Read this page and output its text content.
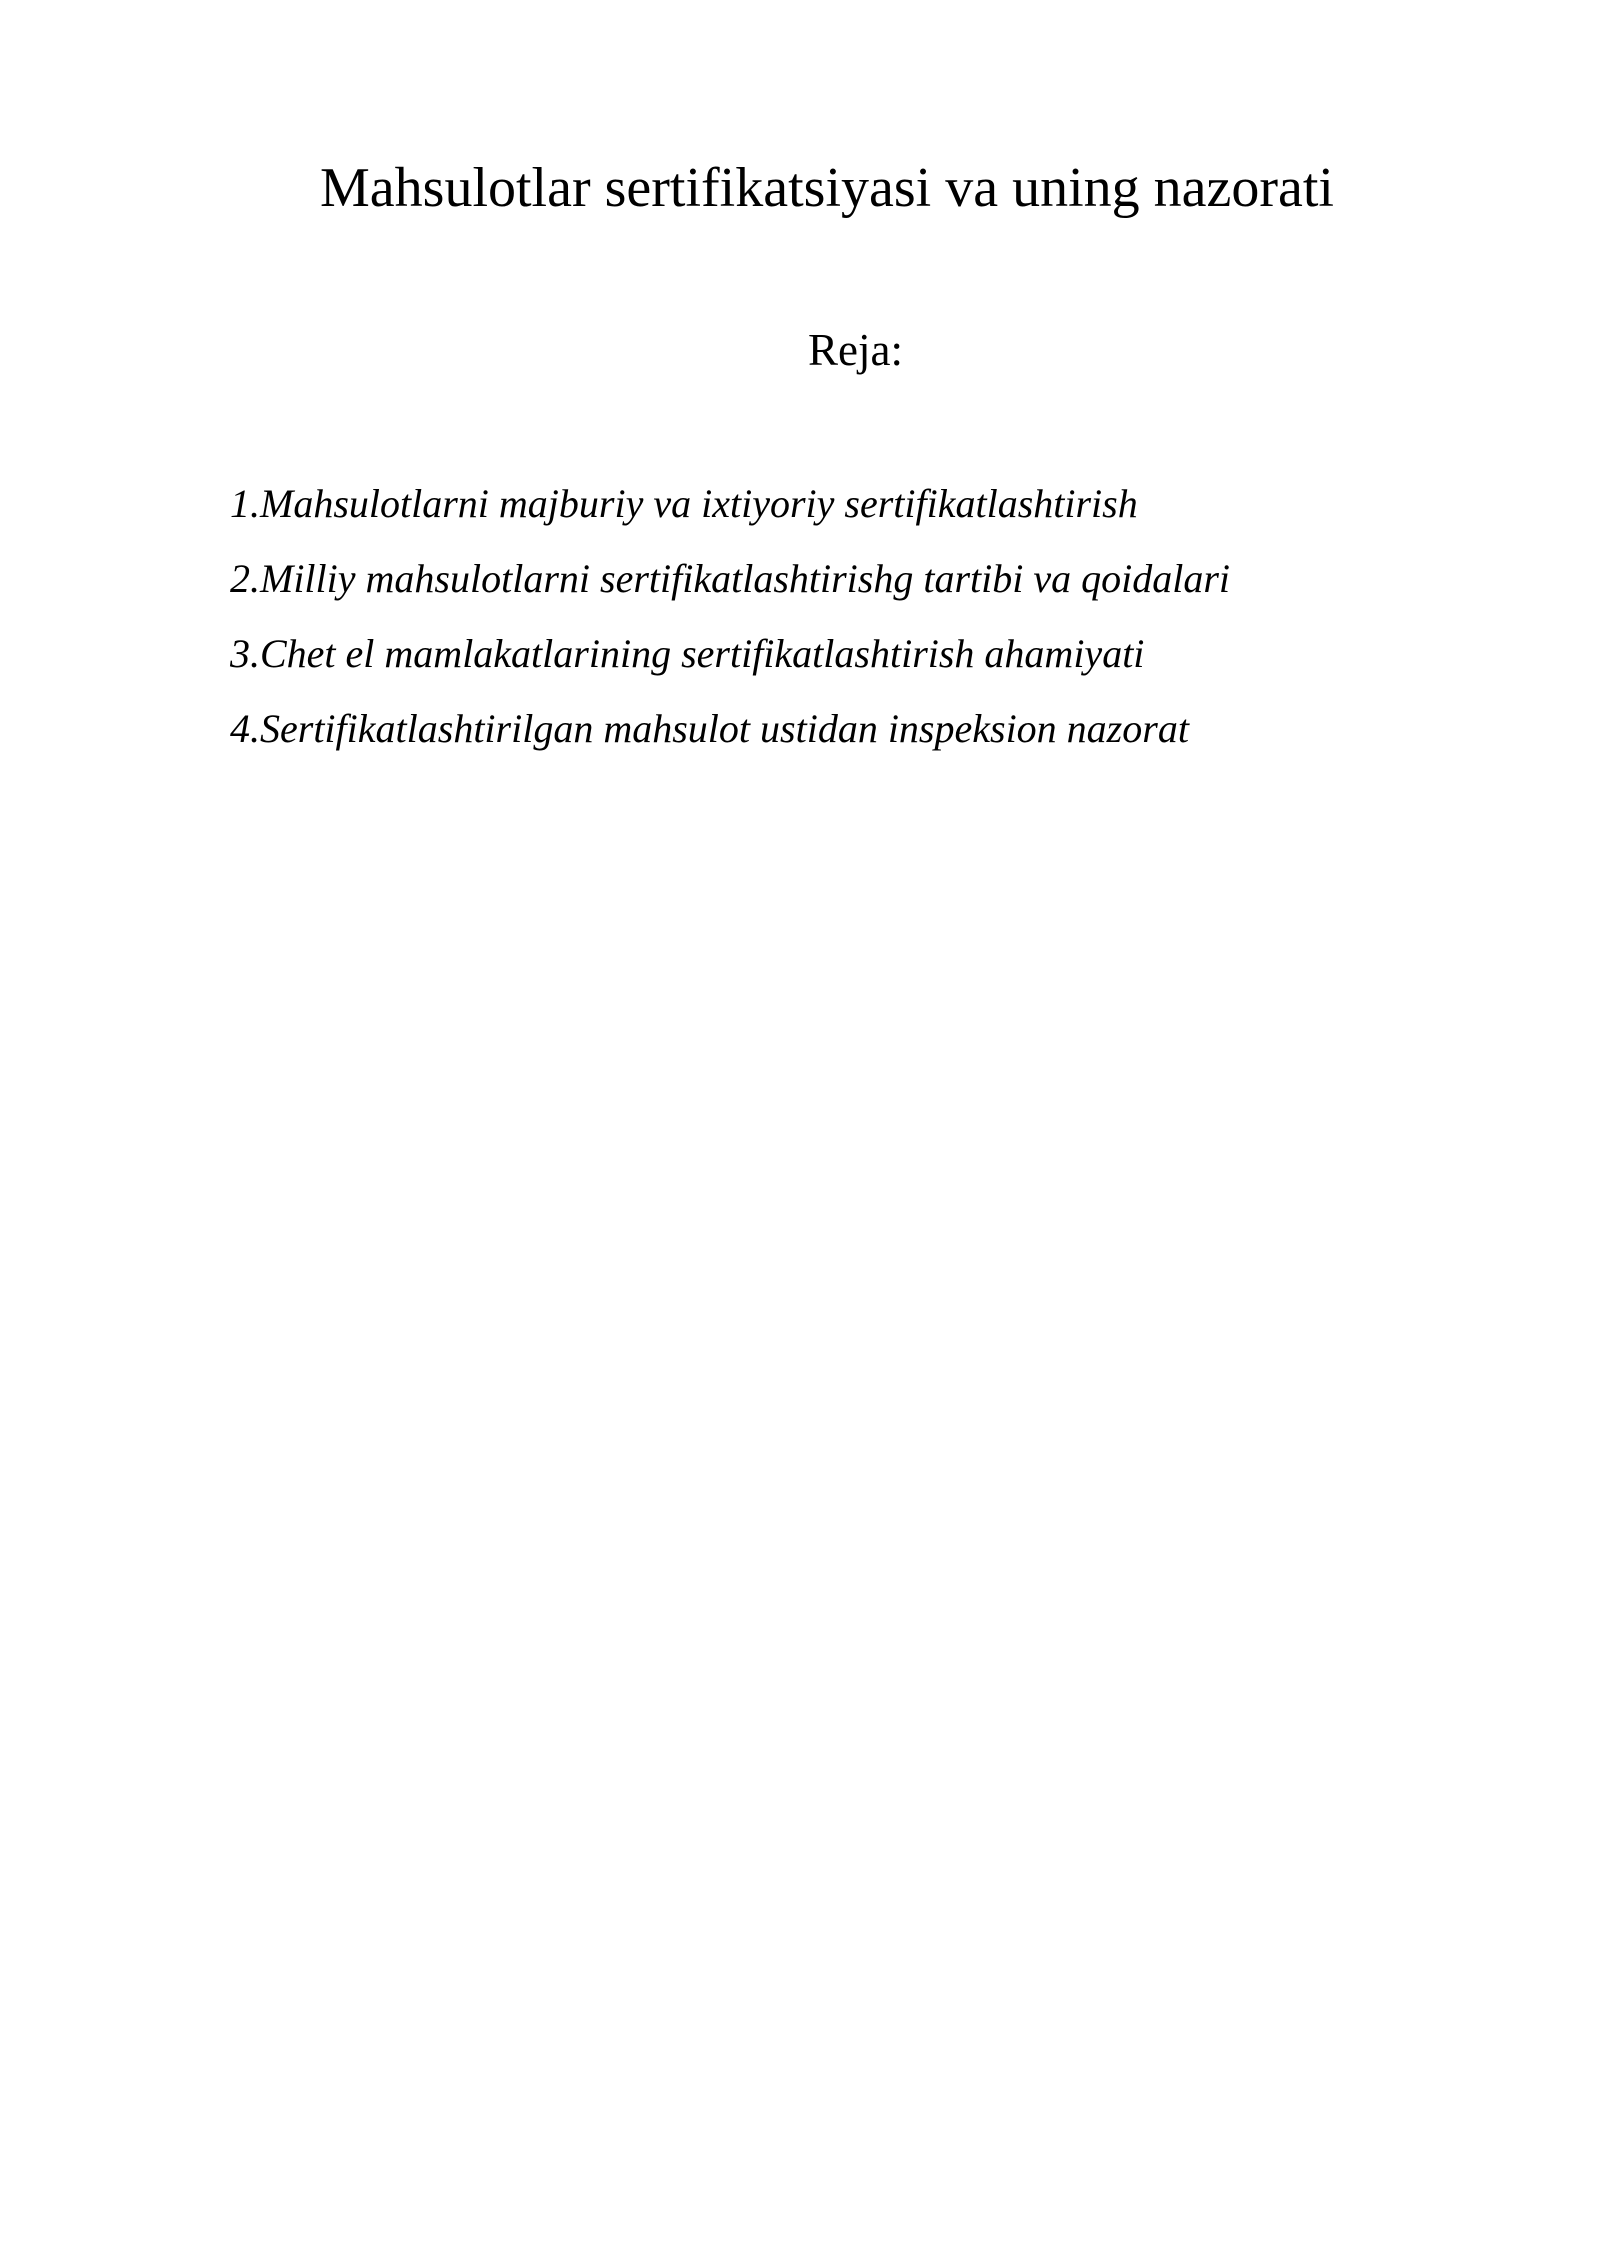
Mahsulotlar sertifikatsiyasi va uning nazorati
Reja:
1.Mahsulotlarni majburiy va ixtiyoriy sertifikatlashtirish
2.Milliy mahsulotlarni sertifikatlashtirishg tartibi va qoidalari
3.Chet el mamlakatlarining sertifikatlashtirish ahamiyati
4.Sertifikatlashtirilgan mahsulot ustidan inspeksion nazorat
